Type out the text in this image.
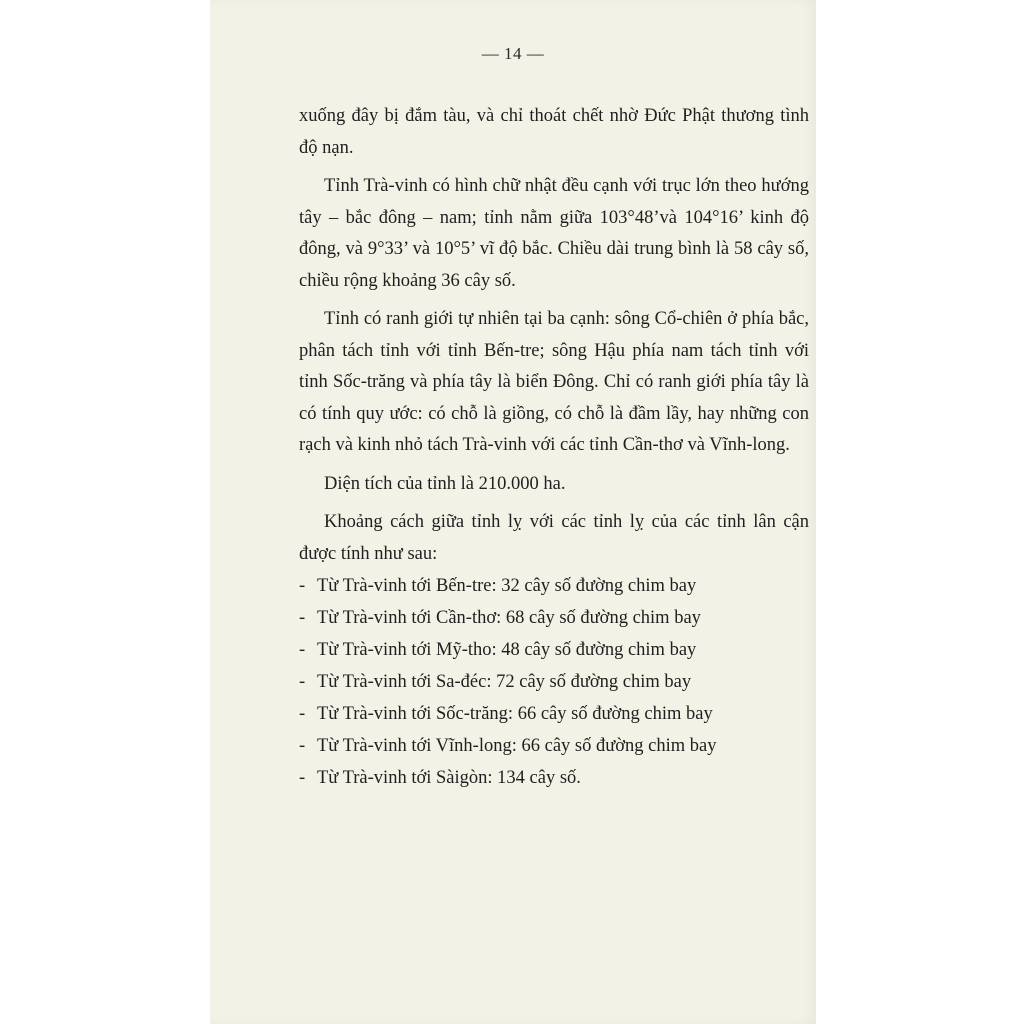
— 14 —

xuống đây bị đắm tàu, và chỉ thoát chết nhờ Đức Phật thương tình độ nạn.

Tỉnh Trà-vinh có hình chữ nhật đều cạnh với trục lớn theo hướng tây – bắc đông – nam; tỉnh nằm giữa 103°48’và 104°16’ kinh độ đông, và 9°33’ và 10°5’ vĩ độ bắc. Chiều dài trung bình là 58 cây số, chiều rộng khoảng 36 cây số.

Tỉnh có ranh giới tự nhiên tại ba cạnh: sông Cổ-chiên ở phía bắc, phân tách tỉnh với tỉnh Bến-tre; sông Hậu phía nam tách tỉnh với tỉnh Sốc-trăng và phía tây là biển Đông. Chỉ có ranh giới phía tây là có tính quy ước: có chỗ là giồng, có chỗ là đầm lầy, hay những con rạch và kinh nhỏ tách Trà-vinh với các tỉnh Cần-thơ và Vĩnh-long.

Diện tích của tỉnh là 210.000 ha.

Khoảng cách giữa tỉnh lỵ với các tỉnh lỵ của các tỉnh lân cận được tính như sau:

- Từ Trà-vinh tới Bến-tre: 32 cây số đường chim bay
- Từ Trà-vinh tới Cần-thơ: 68 cây số đường chim bay
- Từ Trà-vinh tới Mỹ-tho: 48 cây số đường chim bay
- Từ Trà-vinh tới Sa-đéc: 72 cây số đường chim bay
- Từ Trà-vinh tới Sốc-trăng: 66 cây số đường chim bay
- Từ Trà-vinh tới Vĩnh-long: 66 cây số đường chim bay
- Từ Trà-vinh tới Sàigòn: 134 cây số.
